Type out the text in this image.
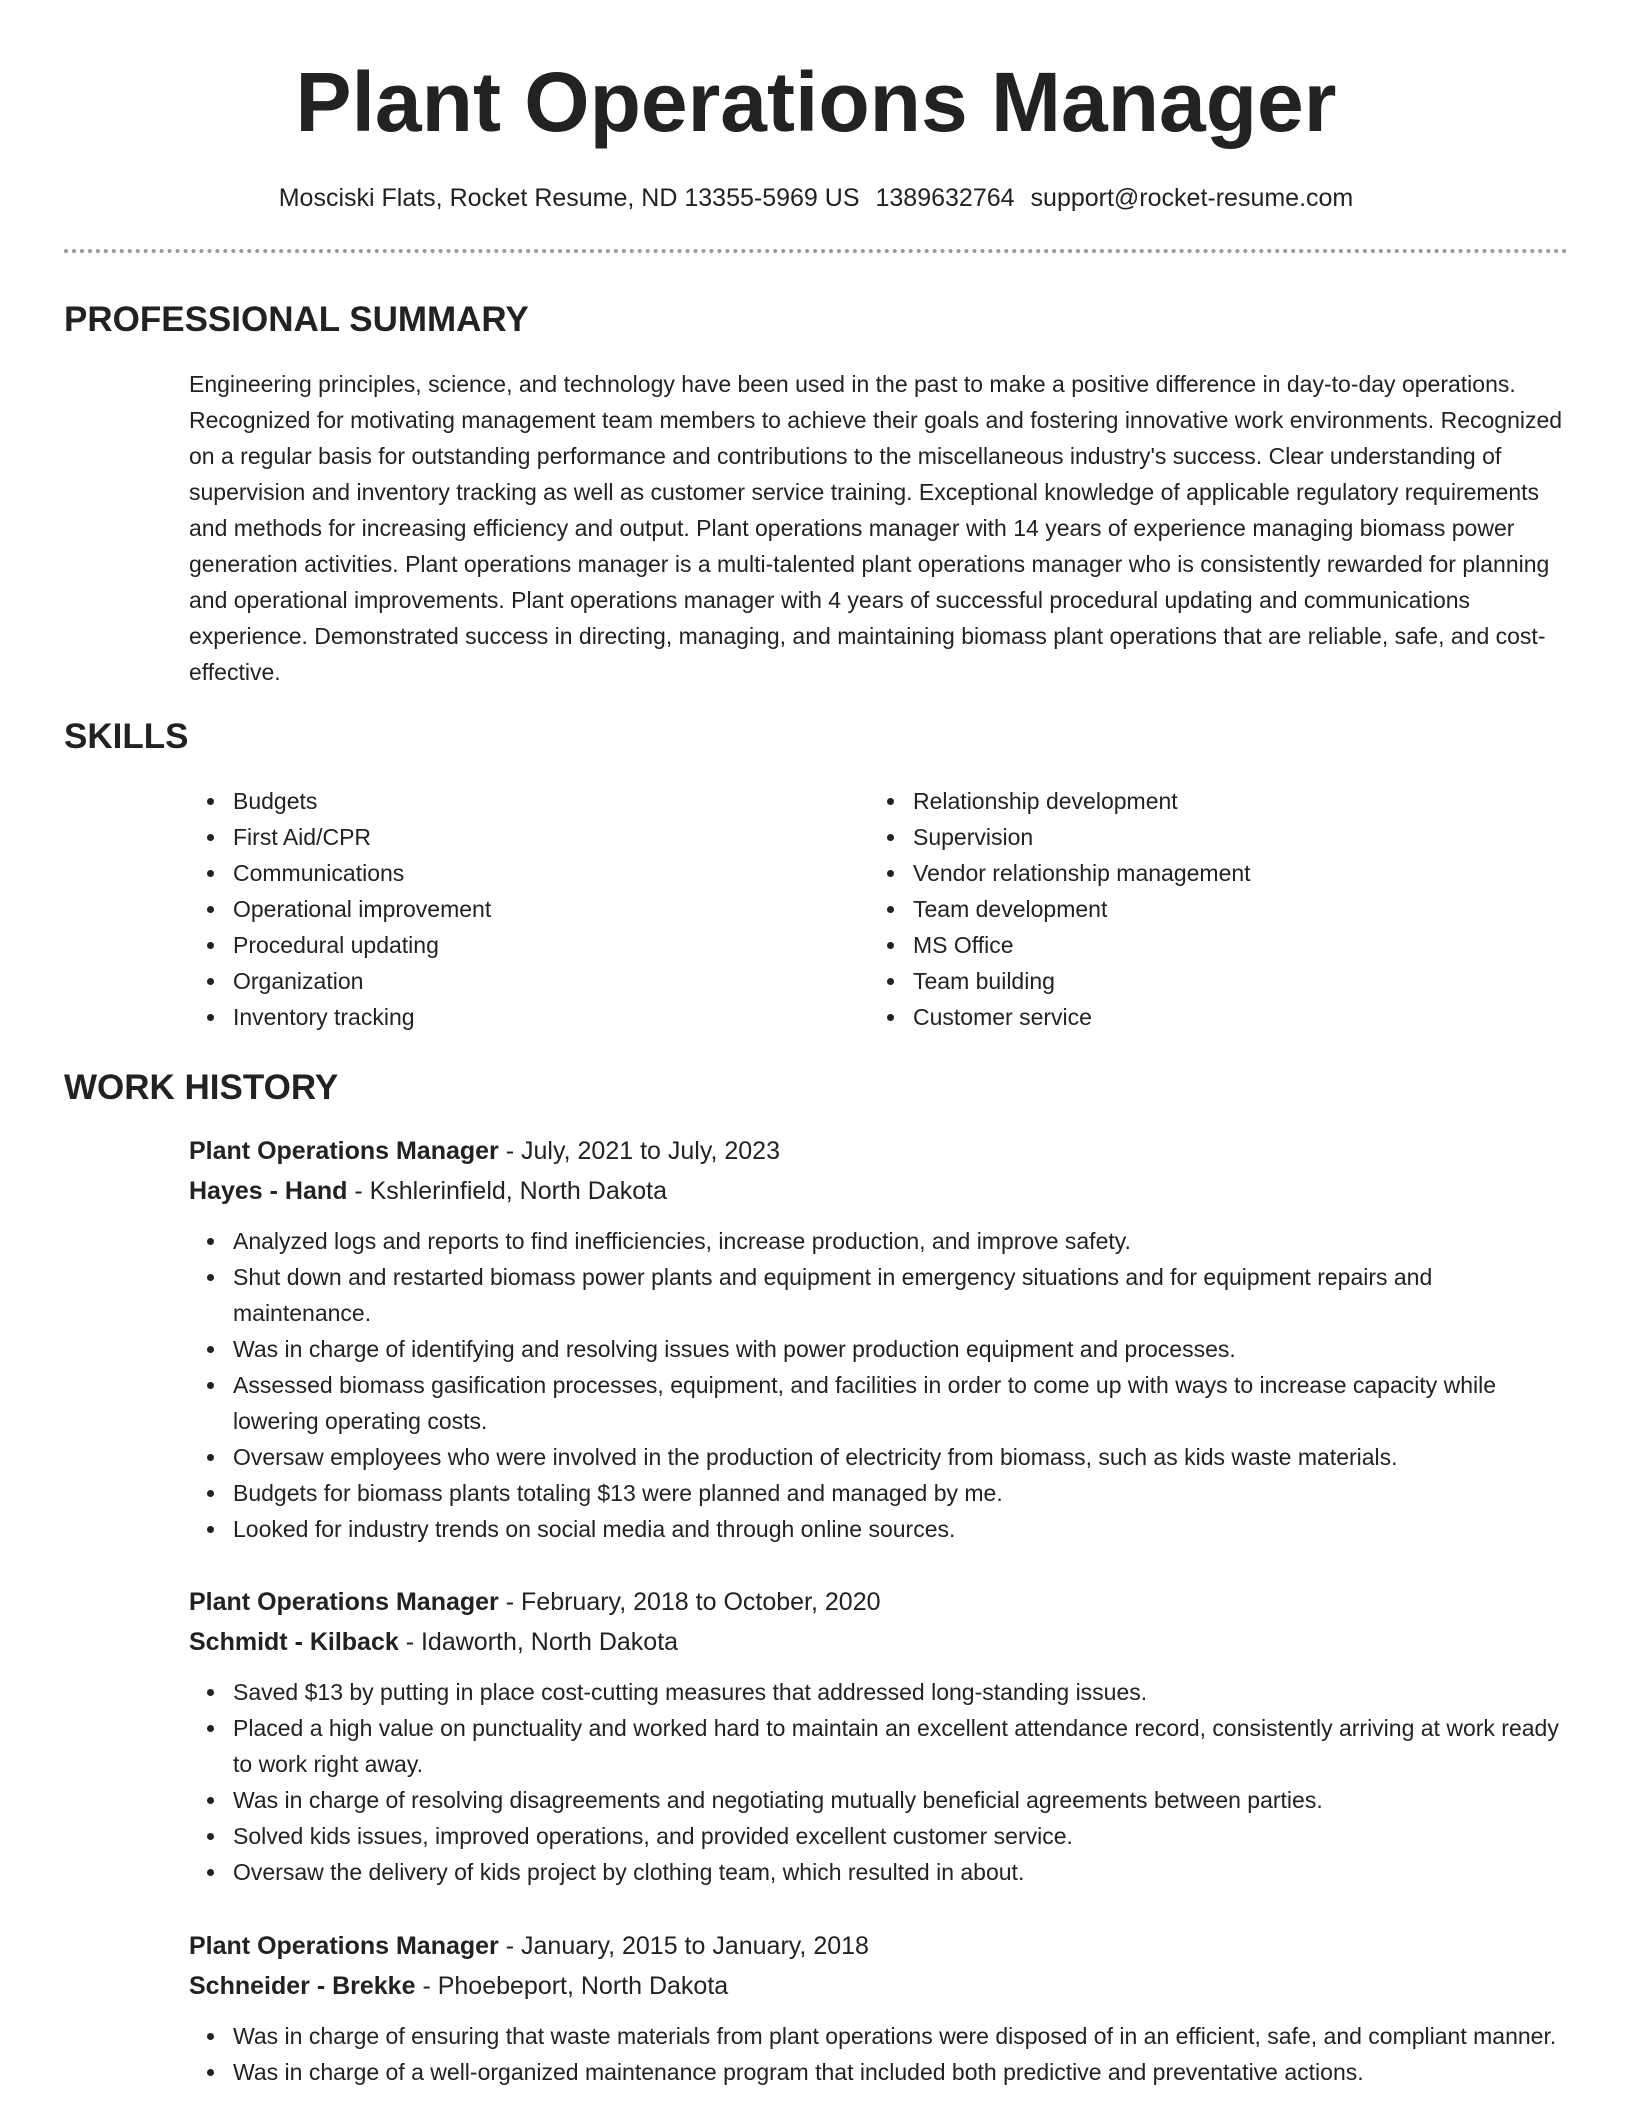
Plant Operations Manager
Mosciski Flats, Rocket Resume, ND 13355-5969 US 1389632764 support@rocket-resume.com
PROFESSIONAL SUMMARY

Engineering principles, science, and technology have been used in the past to make a positive difference in day-to-day operations. Recognized for motivating management team members to achieve their goals and fostering innovative work environments. Recognized on a regular basis for outstanding performance and contributions to the miscellaneous industry's success. Clear understanding of supervision and inventory tracking as well as customer service training. Exceptional knowledge of applicable regulatory requirements and methods for increasing efficiency and output. Plant operations manager with 14 years of experience managing biomass power generation activities. Plant operations manager is a multi-talented plant operations manager who is consistently rewarded for planning and operational improvements. Plant operations manager with 4 years of successful procedural updating and communications experience. Demonstrated success in directing, managing, and maintaining biomass plant operations that are reliable, safe, and cost-effective.

SKILLS
Budgets
First Aid/CPR
Communications
Operational improvement
Procedural updating
Organization
Inventory tracking
Relationship development
Supervision
Vendor relationship management
Team development
MS Office
Team building
Customer service
WORK HISTORY
Plant Operations Manager - July, 2021 to July, 2023
Hayes - Hand - Kshlerinfield, North Dakota
Analyzed logs and reports to find inefficiencies, increase production, and improve safety.
Shut down and restarted biomass power plants and equipment in emergency situations and for equipment repairs and maintenance.
Was in charge of identifying and resolving issues with power production equipment and processes.
Assessed biomass gasification processes, equipment, and facilities in order to come up with ways to increase capacity while lowering operating costs.
Oversaw employees who were involved in the production of electricity from biomass, such as kids waste materials.
Budgets for biomass plants totaling $13 were planned and managed by me.
Looked for industry trends on social media and through online sources.
Plant Operations Manager - February, 2018 to October, 2020
Schmidt - Kilback - Idaworth, North Dakota
Saved $13 by putting in place cost-cutting measures that addressed long-standing issues.
Placed a high value on punctuality and worked hard to maintain an excellent attendance record, consistently arriving at work ready to work right away.
Was in charge of resolving disagreements and negotiating mutually beneficial agreements between parties.
Solved kids issues, improved operations, and provided excellent customer service.
Oversaw the delivery of kids project by clothing team, which resulted in about.
Plant Operations Manager - January, 2015 to January, 2018
Schneider - Brekke - Phoebeport, North Dakota
Was in charge of ensuring that waste materials from plant operations were disposed of in an efficient, safe, and compliant manner.
Was in charge of a well-organized maintenance program that included both predictive and preventative actions.
